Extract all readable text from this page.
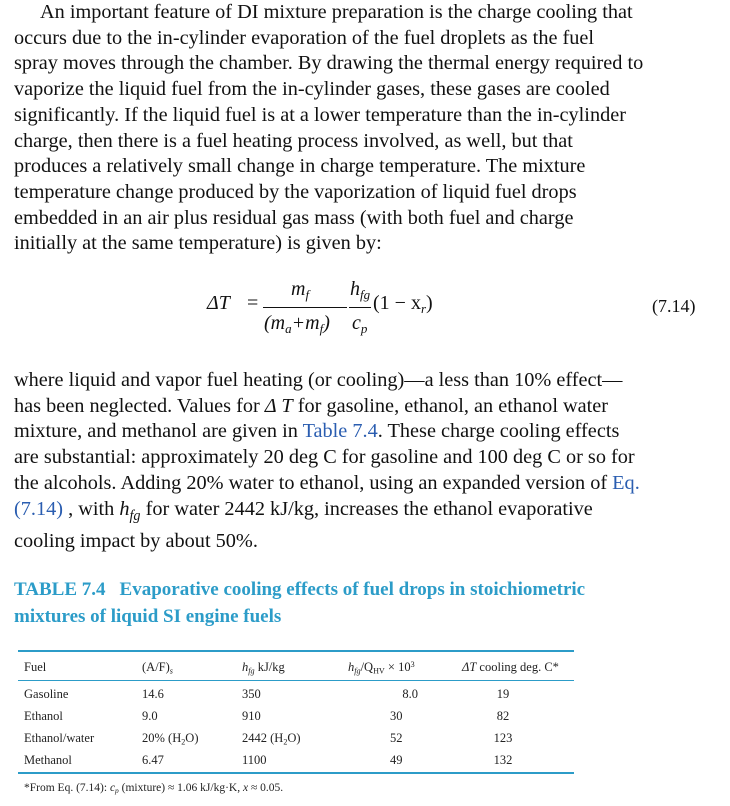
An important feature of DI mixture preparation is the charge cooling that
occurs due to the in-cylinder evaporation of the fuel droplets as the fuel
spray moves through the chamber. By drawing the thermal energy required to
vaporize the liquid fuel from the in-cylinder gases, these gases are cooled
significantly. If the liquid fuel is at a lower temperature than the in-cylinder
charge, then there is a fuel heating process involved, as well, but that
produces a relatively small change in charge temperature. The mixture
temperature change produced by the vaporization of liquid fuel drops
embedded in an air plus residual gas mass (with both fuel and charge
initially at the same temperature) is given by:

ΔT =
mf
(ma+mf)
hfg
cp
(1 − xr)	(7.14)

where liquid and vapor fuel heating (or cooling)—a less than 10% effect—
has been neglected. Values for Δ T for gasoline, ethanol, an ethanol water
mixture, and methanol are given in Table 7.4. These charge cooling effects
are substantial: approximately 20 deg C for gasoline and 100 deg C or so for
the alcohols. Adding 20% water to ethanol, using an expanded version of Eq.
(7.14) , with $h_{fg}$ for water 2442 kJ/kg, increases the ethanol evaporative
cooling impact by about 50%.

TABLE 7.4 Evaporative cooling effects of fuel drops in stoichiometric
mixtures of liquid SI engine fuels
Fuel	(A/F)s	hfg kJ/kg	$hfg/QHV \times 10^3$	ΔT cooling deg. C*
Gasoline	14.6	350	8.0	19
Ethanol	9.0	910	30	82
Ethanol/water	20% (H2O)	2442 (H2O)	52	123
Methanol	6.47	1100	49	132
*From Eq. (7.14): cp (mixture) ≈ 1.06 kJ/kg·K, x ≈ 0.05.
